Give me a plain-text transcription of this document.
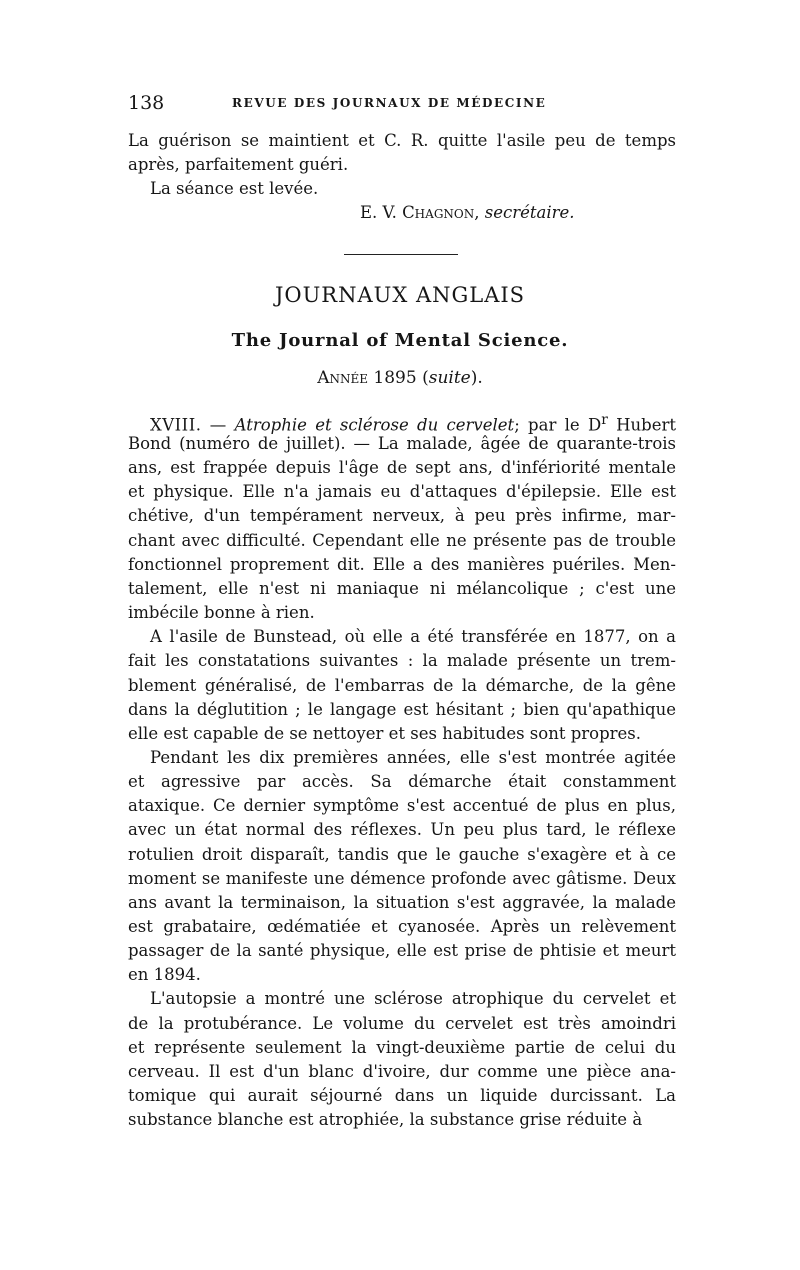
138	REVUE DES JOURNAUX DE MÉDECINE
La guérison se maintient et C. R. quitte l'asile peu de temps
après, parfaitement guéri.
La séance est levée.
E. V. Chagnon, secrétaire.
JOURNAUX ANGLAIS
The Journal of Mental Science.
Année 1895 (suite).
XVIII. — Atrophie et sclérose du cervelet; par le $D^r$ Hubert
Bond (numéro de juillet). — La malade, âgée de quarante-trois
ans, est frappée depuis l'âge de sept ans, d'infériorité mentale
et physique. Elle n'a jamais eu d'attaques d'épilepsie. Elle est
chétive, d'un tempérament nerveux, à peu près infirme, mar-
chant avec difficulté. Cependant elle ne présente pas de trouble
fonctionnel proprement dit. Elle a des manières puériles. Men-
talement, elle n'est ni maniaque ni mélancolique ; c'est une
imbécile bonne à rien.
A l'asile de Bunstead, où elle a été transférée en 1877, on a
fait les constatations suivantes : la malade présente un trem-
blement généralisé, de l'embarras de la démarche, de la gêne
dans la déglutition ; le langage est hésitant ; bien qu'apathique
elle est capable de se nettoyer et ses habitudes sont propres.
Pendant les dix premières années, elle s'est montrée agitée
et agressive par accès. Sa démarche était constamment
ataxique. Ce dernier symptôme s'est accentué de plus en plus,
avec un état normal des réflexes. Un peu plus tard, le réflexe
rotulien droit disparaît, tandis que le gauche s'exagère et à ce
moment se manifeste une démence profonde avec gâtisme. Deux
ans avant la terminaison, la situation s'est aggravée, la malade
est grabataire, œdématiée et cyanosée. Après un relèvement
passager de la santé physique, elle est prise de phtisie et meurt
en 1894.
L'autopsie a montré une sclérose atrophique du cervelet et
de la protubérance. Le volume du cervelet est très amoindri
et représente seulement la vingt-deuxième partie de celui du
cerveau. Il est d'un blanc d'ivoire, dur comme une pièce ana-
tomique qui aurait séjourné dans un liquide durcissant. La
substance blanche est atrophiée, la substance grise réduite à
